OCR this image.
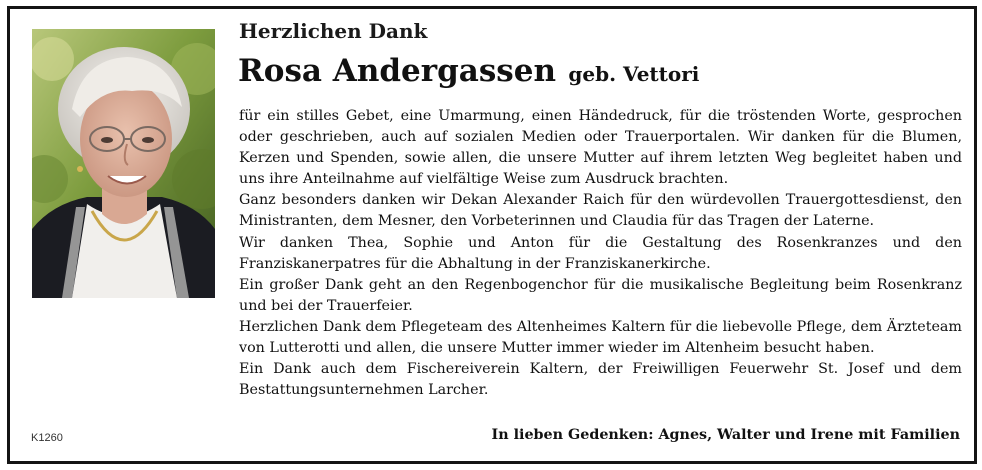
Herzlichen Dank
Rosa Andergassen geb. Vettori

für ein stilles Gebet, eine Umarmung, einen Händedruck, für die tröstenden Worte, gesprochen oder geschrieben, auch auf sozialen Medien oder Trauerportalen. Wir danken für die Blumen, Kerzen und Spenden, sowie allen, die unsere Mutter auf ihrem letzten Weg begleitet haben und uns ihre Anteilnahme auf vielfältige Weise zum Ausdruck brachten.

Ganz besonders danken wir Dekan Alexander Raich für den würdevollen Trauergottesdienst, den Ministranten, dem Mesner, den Vorbeterinnen und Claudia für das Tragen der Laterne.

Wir danken Thea, Sophie und Anton für die Gestaltung des Rosenkranzes und den Franziskanerpatres für die Abhaltung in der Franziskanerkirche.

Ein großer Dank geht an den Regenbogenchor für die musikalische Begleitung beim Rosenkranz und bei der Trauerfeier.

Herzlichen Dank dem Pflegeteam des Altenheimes Kaltern für die liebevolle Pflege, dem Ärzteteam von Lutterotti und allen, die unsere Mutter immer wieder im Altenheim besucht haben.

Ein Dank auch dem Fischereiverein Kaltern, der Freiwilligen Feuerwehr St. Josef und dem Bestattungsunternehmen Larcher.

K1260	In lieben Gedenken: Agnes, Walter und Irene mit Familien
